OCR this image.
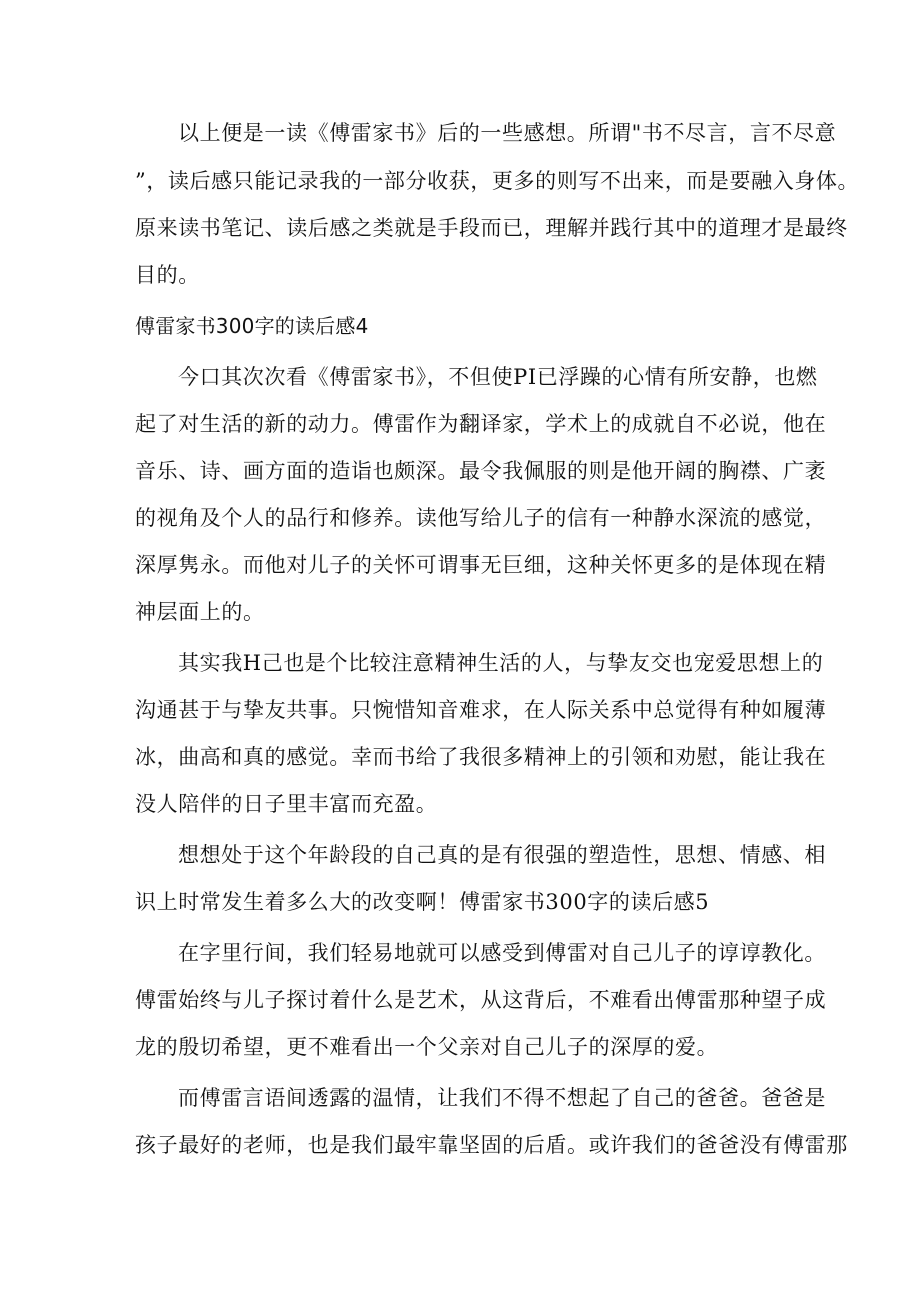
以上便是一读《傅雷家书》后的一些感想。所谓"书不尽言，言不尽意

”，读后感只能记录我的一部分收获，更多的则写不出来，而是要融入身体。

原来读书笔记、读后感之类就是手段而已，理解并践行其中的道理才是最终

目的。

傅雷家书300字的读后感4

今口其次次看《傅雷家书》，不但使PI已浮躁的心情有所安静，也燃

起了对生活的新的动力。傅雷作为翻译家，学术上的成就自不必说，他在

音乐、诗、画方面的造诣也颇深。最令我佩服的则是他开阔的胸襟、广袤

的视角及个人的品行和修养。读他写给儿子的信有一种静水深流的感觉，

深厚隽永。而他对儿子的关怀可谓事无巨细，这种关怀更多的是体现在精

神层面上的。

其实我H己也是个比较注意精神生活的人，与挚友交也宠爱思想上的

沟通甚于与挚友共事。只惋惜知音难求，在人际关系中总觉得有种如履薄

冰，曲高和真的感觉。幸而书给了我很多精神上的引领和劝慰，能让我在

没人陪伴的日子里丰富而充盈。

想想处于这个年龄段的自己真的是有很强的塑造性，思想、情感、相

识上时常发生着多么大的改变啊！傅雷家书300字的读后感5

在字里行间，我们轻易地就可以感受到傅雷对自己儿子的谆谆教化。

傅雷始终与儿子探讨着什么是艺术，从这背后，不难看出傅雷那种望子成

龙的殷切希望，更不难看出一个父亲对自己儿子的深厚的爱。

而傅雷言语间透露的温情，让我们不得不想起了自己的爸爸。爸爸是

孩子最好的老师，也是我们最牢靠坚固的后盾。或许我们的爸爸没有傅雷那
